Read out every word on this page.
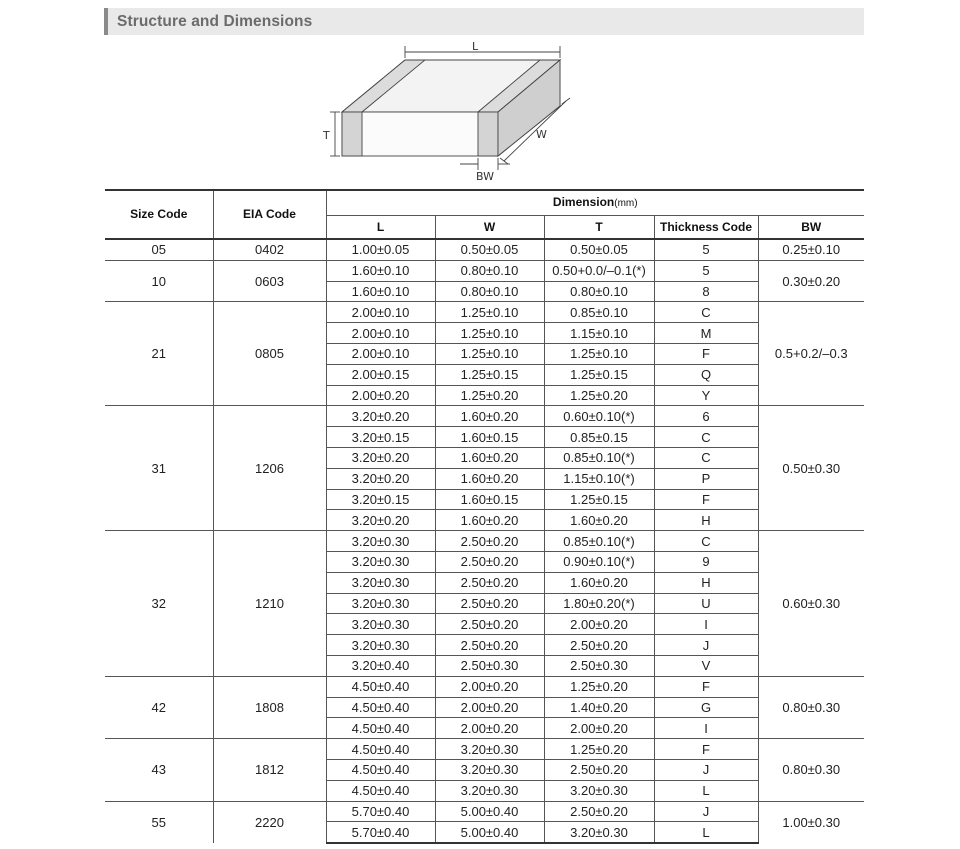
Structure and Dimensions
L
T	W
BW
Size Code	EIA Code	Dimension(mm)				
		L	W	T	Thickness Code	BW
05	0402	1.00±0.05	0.50±0.05	0.50±0.05	5	0.25±0.10
10	0603	1.60±0.10	0.80±0.10	0.50+0.0/–0.1(*)	5	0.30±0.20
		1.60±0.10	0.80±0.10	0.80±0.10	8	
21	0805	2.00±0.10	1.25±0.10	0.85±0.10	C	0.5+0.2/–0.3
		2.00±0.10	1.25±0.10	1.15±0.10	M	
		2.00±0.10	1.25±0.10	1.25±0.10	F	
		2.00±0.15	1.25±0.15	1.25±0.15	Q	
		2.00±0.20	1.25±0.20	1.25±0.20	Y	
31	1206	3.20±0.20	1.60±0.20	0.60±0.10(*)	6	0.50±0.30
		3.20±0.15	1.60±0.15	0.85±0.15	C	
		3.20±0.20	1.60±0.20	0.85±0.10(*)	C	
		3.20±0.20	1.60±0.20	1.15±0.10(*)	P	
		3.20±0.15	1.60±0.15	1.25±0.15	F	
		3.20±0.20	1.60±0.20	1.60±0.20	H	
32	1210	3.20±0.30	2.50±0.20	0.85±0.10(*)	C	0.60±0.30
		3.20±0.30	2.50±0.20	0.90±0.10(*)	9	
		3.20±0.30	2.50±0.20	1.60±0.20	H	
		3.20±0.30	2.50±0.20	1.80±0.20(*)	U	
		3.20±0.30	2.50±0.20	2.00±0.20	I	
		3.20±0.30	2.50±0.20	2.50±0.20	J	
		3.20±0.40	2.50±0.30	2.50±0.30	V	
42	1808	4.50±0.40	2.00±0.20	1.25±0.20	F	0.80±0.30
		4.50±0.40	2.00±0.20	1.40±0.20	G	
		4.50±0.40	2.00±0.20	2.00±0.20	I	
43	1812	4.50±0.40	3.20±0.30	1.25±0.20	F	0.80±0.30
		4.50±0.40	3.20±0.30	2.50±0.20	J	
		4.50±0.40	3.20±0.30	3.20±0.30	L	
55	2220	5.70±0.40	5.00±0.40	2.50±0.20	J	1.00±0.30
		5.70±0.40	5.00±0.40	3.20±0.30	L	
